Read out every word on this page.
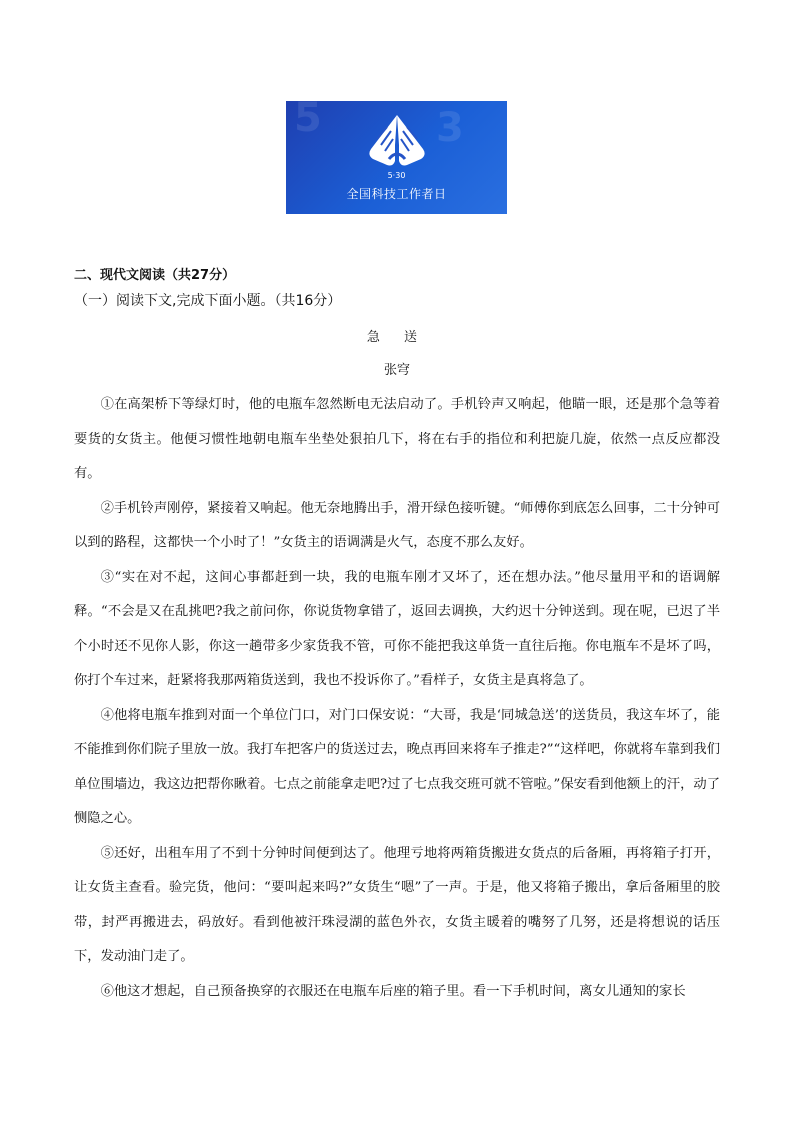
5	3
5·30
全国科技工作者日
二、现代文阅读（共27分）
（一）阅读下文,完成下面小题。（共16分）
急 送
张穹

①在高架桥下等绿灯时，他的电瓶车忽然断电无法启动了。手机铃声又响起，他瞄一眼，还是那个急等着要货的女货主。他便习惯性地朝电瓶车坐垫处狠拍几下，将在右手的指位和利把旋几旋，依然一点反应都没有。

②手机铃声刚停，紧接着又响起。他无奈地腾出手，滑开绿色接听键。“师傅你到底怎么回事，二十分钟可以到的路程，这都快一个小时了！”女货主的语调满是火气，态度不那么友好。

③“实在对不起，这间心事都赶到一块，我的电瓶车刚才又坏了，还在想办法。”他尽量用平和的语调解释。“不会是又在乱挑吧?我之前问你，你说货物拿错了，返回去调换，大约迟十分钟送到。现在呢，已迟了半个小时还不见你人影，你这一趟带多少家货我不管，可你不能把我这单货一直往后拖。你电瓶车不是坏了吗，你打个车过来，赶紧将我那两箱货送到，我也不投诉你了。”看样子，女货主是真将急了。

④他将电瓶车推到对面一个单位门口，对门口保安说：“大哥，我是‘同城急送’的送货员，我这车坏了，能不能推到你们院子里放一放。我打车把客户的货送过去，晚点再回来将车子推走?”“这样吧，你就将车靠到我们单位围墙边，我这边把帮你瞅着。七点之前能拿走吧?过了七点我交班可就不管啦。”保安看到他额上的汗，动了恻隐之心。

⑤还好，出租车用了不到十分钟时间便到达了。他理亏地将两箱货搬进女货点的后备厢，再将箱子打开，让女货主查看。验完货，他问：“要叫起来吗?”女货生“嗯”了一声。于是，他又将箱子搬出，拿后备厢里的胶带，封严再搬进去，码放好。看到他被汗珠浸湖的蓝色外衣，女货主暖着的嘴努了几努，还是将想说的话压下，发动油门走了。

⑥他这才想起，自己预备换穿的衣服还在电瓶车后座的箱子里。看一下手机时间，离女儿通知的家长
